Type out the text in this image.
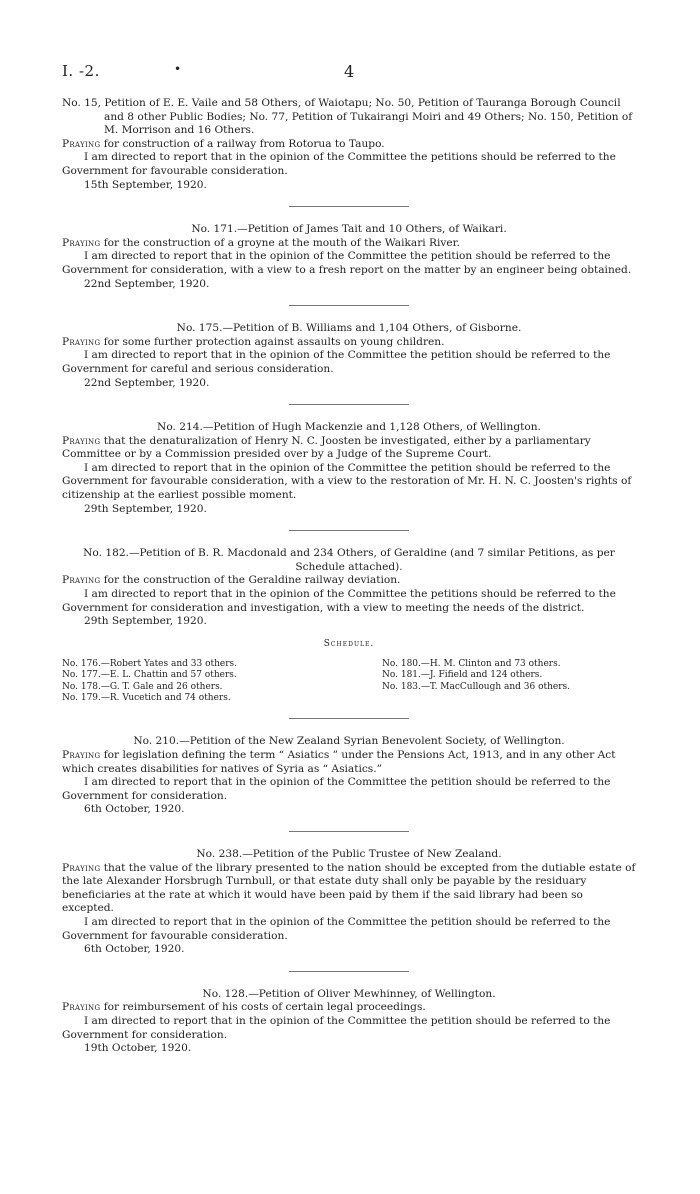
I. -2.	•	4

No. 15, Petition of E. E. Vaile and 58 Others, of Waiotapu; No. 50, Petition of Tauranga Borough Council and 8 other Public Bodies; No. 77, Petition of Tukairangi Moiri and 49 Others; No. 150, Petition of M. Morrison and 16 Others.

Praying for construction of a railway from Rotorua to Taupo.

I am directed to report that in the opinion of the Committee the petitions should be referred to the Government for favourable consideration.

15th September, 1920.

No. 171.—Petition of James Tait and 10 Others, of Waikari.

Praying for the construction of a groyne at the mouth of the Waikari River.

I am directed to report that in the opinion of the Committee the petition should be referred to the Government for consideration, with a view to a fresh report on the matter by an engineer being obtained.

22nd September, 1920.

No. 175.—Petition of B. Williams and 1,104 Others, of Gisborne.

Praying for some further protection against assaults on young children.

I am directed to report that in the opinion of the Committee the petition should be referred to the Government for careful and serious consideration.

22nd September, 1920.

No. 214.—Petition of Hugh Mackenzie and 1,128 Others, of Wellington.

Praying that the denaturalization of Henry N. C. Joosten be investigated, either by a parliamentary Committee or by a Commission presided over by a Judge of the Supreme Court.

I am directed to report that in the opinion of the Committee the petition should be referred to the Government for favourable consideration, with a view to the restoration of Mr. H. N. C. Joosten's rights of citizenship at the earliest possible moment.

29th September, 1920.

No. 182.—Petition of B. R. Macdonald and 234 Others, of Geraldine (and 7 similar Petitions, as per Schedule attached).

Praying for the construction of the Geraldine railway deviation.

I am directed to report that in the opinion of the Committee the petitions should be referred to the Government for consideration and investigation, with a view to meeting the needs of the district.

29th September, 1920.

Schedule.
No. 176.—Robert Yates and 33 others.
No. 177.—E. L. Chattin and 57 others.
No. 178.—G. T. Gale and 26 others.
No. 179.—R. Vucetich and 74 others.
No. 180.—H. M. Clinton and 73 others.
No. 181.—J. Fifield and 124 others.
No. 183.—T. MacCullough and 36 others.

No. 210.—Petition of the New Zealand Syrian Benevolent Society, of Wellington.

Praying for legislation defining the term “ Asiatics ” under the Pensions Act, 1913, and in any other Act which creates disabilities for natives of Syria as “ Asiatics.”

I am directed to report that in the opinion of the Committee the petition should be referred to the Government for consideration.

6th October, 1920.

No. 238.—Petition of the Public Trustee of New Zealand.

Praying that the value of the library presented to the nation should be excepted from the dutiable estate of the late Alexander Horsbrugh Turnbull, or that estate duty shall only be payable by the residuary beneficiaries at the rate at which it would have been paid by them if the said library had been so excepted.

I am directed to report that in the opinion of the Committee the petition should be referred to the Government for favourable consideration.

6th October, 1920.

No. 128.—Petition of Oliver Mewhinney, of Wellington.

Praying for reimbursement of his costs of certain legal proceedings.

I am directed to report that in the opinion of the Committee the petition should be referred to the Government for consideration.

19th October, 1920.
